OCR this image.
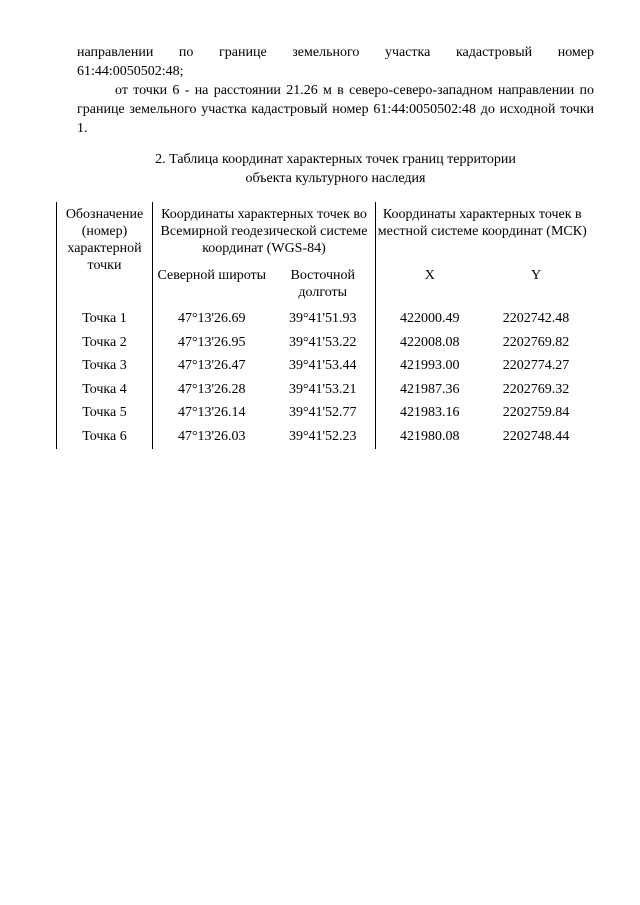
направлении по границе земельного участка кадастровый номер
61:44:0050502:48;

от точки 6 - на расстоянии 21.26 м в северо-северо-западном направлении по границе земельного участка кадастровый номер 61:44:0050502:48 до исходной точки 1.

2. Таблица координат характерных точек границ территории
объекта культурного наследия

Обозначение (номер) характерной точки	Координаты характерных точек во Всемирной геодезической системе координат (WGS-84)		Координаты характерных точек в местной системе координат (МСК)	
	Северной широты	Восточной долготы	X	Y
Точка 1	47°13'26.69	39°41'51.93	422000.49	2202742.48
Точка 2	47°13'26.95	39°41'53.22	422008.08	2202769.82
Точка 3	47°13'26.47	39°41'53.44	421993.00	2202774.27
Точка 4	47°13'26.28	39°41'53.21	421987.36	2202769.32
Точка 5	47°13'26.14	39°41'52.77	421983.16	2202759.84
Точка 6	47°13'26.03	39°41'52.23	421980.08	2202748.44
